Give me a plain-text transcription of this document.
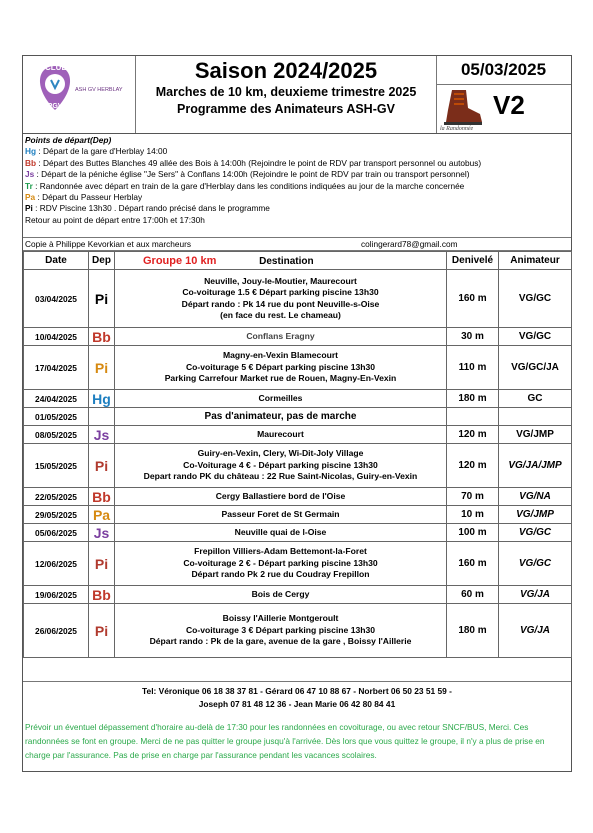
CLUB
EPGV
ASH GV HERBLAY
Saison 2024/2025
Marches de 10 km, deuxieme trimestre 2025
Programme des Animateurs ASH-GV
05/03/2025
la Randonnée
V2
Points de départ(Dep)
Hg : Départ de la gare d'Herblay 14:00
Bb : Départ des Buttes Blanches 49 allée des Bois à 14:00h (Rejoindre le point de RDV par transport personnel ou autobus)
Js : Départ de la péniche église "Je Sers" à Conflans 14:00h (Rejoindre le point de RDV par train ou transport personnel)
Tr : Randonnée avec départ en train de la gare d'Herblay dans les conditions indiquées au jour de la marche concernée
Pa : Départ du Passeur Herblay
Pi : RDV Piscine 13h30 . Départ rando précisé dans le programme
Retour au point de départ entre 17:00h et 17:30h
Copie à Philippe Kevorkian et aux marcheurs	colingerard78@gmail.com
Date	Dep	Groupe 10 km Destination	Denivelé	Animateur
03/04/2025	Pi	Neuville, Jouy-le-Moutier, Maurecourt
Co-voiturage 1.5 € Départ parking piscine 13h30
Départ rando : Pk 14 rue du pont Neuville-s-Oise
(en face du rest. Le chameau)	160 m	VG/GC
10/04/2025	Bb	Conflans Eragny	30 m	VG/GC
17/04/2025	Pi	Magny-en-Vexin Blamecourt
Co-voiturage 5 € Départ parking piscine 13h30
Parking Carrefour Market rue de Rouen, Magny-En-Vexin	110 m	VG/GC/JA
24/04/2025	Hg	Cormeilles	180 m	GC
01/05/2025		Pas d'animateur, pas de marche		

08/05/2025	Js	Maurecourt	120 m	VG/JMP
15/05/2025	Pi	Guiry-en-Vexin, Clery, Wi-Dit-Joly Village
Co-Voiturage 4 € - Départ parking piscine 13h30
Depart rando PK du château : 22 Rue Saint-Nicolas, Guiry-en-Vexin	120 m	VG/JA/JMP
22/05/2025	Bb	Cergy Ballastiere bord de l'Oise	70 m	VG/NA
29/05/2025	Pa	Passeur Foret de St Germain	10 m	VG/JMP
05/06/2025	Js	Neuville quai de l-Oise	100 m	VG/GC
12/06/2025	Pi	Frepillon Villiers-Adam Bettemont-la-Foret
Co-voiturage 2 € - Départ parking piscine 13h30
Départ rando Pk 2 rue du Coudray Frepillon	160 m	VG/GC
19/06/2025	Bb	Bois de Cergy	60 m	VG/JA
26/06/2025	Pi	Boissy l'Aillerie Montgeroult
Co-voiturage 3 € Départ parking piscine 13h30
Départ rando : Pk de la gare, avenue de la gare , Boissy l'Aillerie	180 m	VG/JA
Tel: Véronique 06 18 38 37 81 - Gérard 06 47 10 88 67 - Norbert 06 50 23 51 59 -
Joseph 07 81 48 12 36 - Jean Marie 06 42 80 84 41
Prévoir un éventuel dépassement d'horaire au-delà de 17:30 pour les randonnées en covoiturage, ou avec retour SNCF/BUS, Merci. Ces randonnées se font en groupe. Merci de ne pas quitter le groupe jusqu'à l'arrivée. Dès lors que vous quittez le groupe, il n'y a plus de prise en charge par l'assurance. Pas de prise en charge par l'assurance pendant les vacances scolaires.
